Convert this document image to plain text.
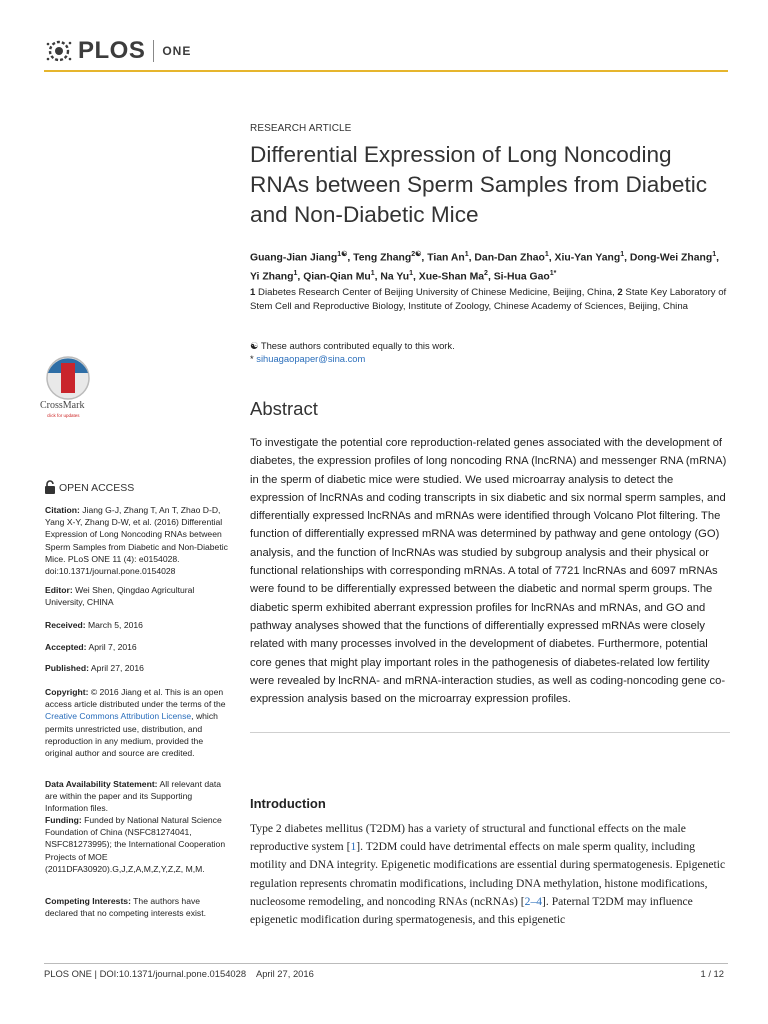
PLOS ONE
CrossMark
click for updates
OPEN ACCESS
Citation: Jiang G-J, Zhang T, An T, Zhao D-D, Yang X-Y, Zhang D-W, et al. (2016) Differential Expression of Long Noncoding RNAs between Sperm Samples from Diabetic and Non-Diabetic Mice. PLoS ONE 11 (4): e0154028. doi:10.1371/journal.pone.0154028
Editor: Wei Shen, Qingdao Agricultural University, CHINA
Received: March 5, 2016
Accepted: April 7, 2016
Published: April 27, 2016
Copyright: © 2016 Jiang et al. This is an open access article distributed under the terms of the Creative Commons Attribution License, which permits unrestricted use, distribution, and reproduction in any medium, provided the original author and source are credited.
Data Availability Statement: All relevant data are within the paper and its Supporting Information files.
Funding: Funded by National Natural Science Foundation of China (NSFC81274041, NSFC81273995); the International Cooperation Projects of MOE (2011DFA30920).G,J,Z,A,M,Z,Y,Z,Z, M,M.
Competing Interests: The authors have declared that no competing interests exist.
RESEARCH ARTICLE
Differential Expression of Long Noncoding RNAs between Sperm Samples from Diabetic and Non-Diabetic Mice
Guang-Jian Jiang$^{1☯}$, Teng Zhang$^{2☯}$, Tian An$^1$, Dan-Dan Zhao$^1$, Xiu-Yan Yang$^1$, Dong-Wei Zhang$^1$, Yi Zhang$^1$, Qian-Qian Mu$^1$, Na Yu$^1$, Xue-Shan Ma$^2$, Si-Hua Gao$^{1*}$
1 Diabetes Research Center of Beijing University of Chinese Medicine, Beijing, China, 2 State Key Laboratory of Stem Cell and Reproductive Biology, Institute of Zoology, Chinese Academy of Sciences, Beijing, China
☯ These authors contributed equally to this work.
* sihuagaopaper@sina.com
Abstract

To investigate the potential core reproduction-related genes associated with the development of diabetes, the expression profiles of long noncoding RNA (lncRNA) and messenger RNA (mRNA) in the sperm of diabetic mice were studied. We used microarray analysis to detect the expression of lncRNAs and coding transcripts in six diabetic and six normal sperm samples, and differentially expressed lncRNAs and mRNAs were identified through Volcano Plot filtering. The function of differentially expressed mRNA was determined by pathway and gene ontology (GO) analysis, and the function of lncRNAs was studied by subgroup analysis and their physical or functional relationships with corresponding mRNAs. A total of 7721 lncRNAs and 6097 mRNAs were found to be differentially expressed between the diabetic and normal sperm groups. The diabetic sperm exhibited aberrant expression profiles for lncRNAs and mRNAs, and GO and pathway analyses showed that the functions of differentially expressed mRNAs were closely related with many processes involved in the development of diabetes. Furthermore, potential core genes that might play important roles in the pathogenesis of diabetes-related low fertility were revealed by lncRNA- and mRNA-interaction studies, as well as coding-noncoding gene co-expression analysis based on the microarray expression profiles.

Introduction

Type 2 diabetes mellitus (T2DM) has a variety of structural and functional effects on the male reproductive system [1]. T2DM could have detrimental effects on male sperm quality, including motility and DNA integrity. Epigenetic modifications are essential during spermatogenesis. Epigenetic regulation represents chromatin modifications, including DNA methylation, histone modifications, nucleosome remodeling, and noncoding RNAs (ncRNAs) [2–4]. Paternal T2DM may influence epigenetic modification during spermatogenesis, and this epigenetic

PLOS ONE | DOI:10.1371/journal.pone.0154028    April 27, 2016	1 / 12
